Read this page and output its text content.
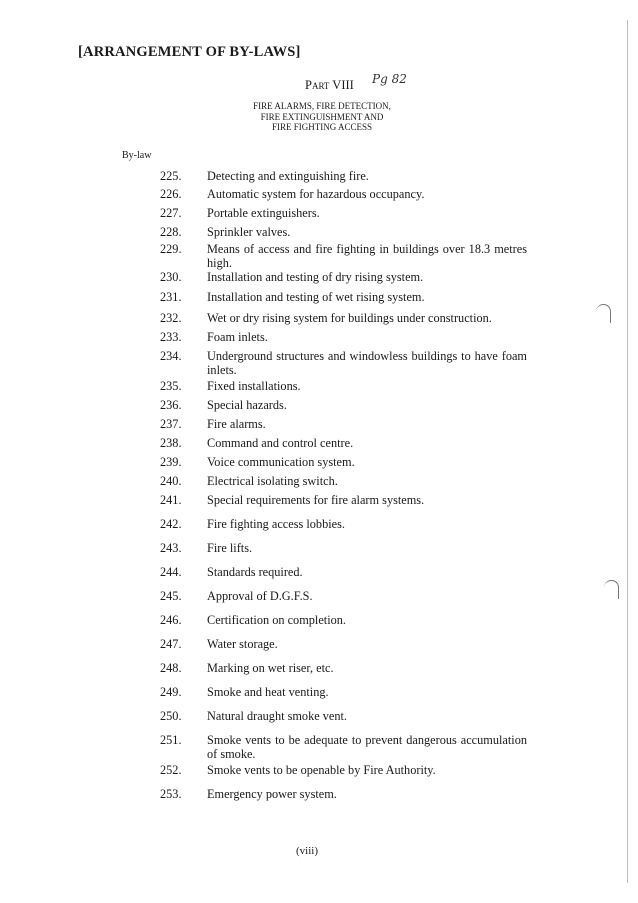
[ARRANGEMENT OF BY-LAWS]
Part VIII Pg 82
FIRE ALARMS, FIRE DETECTION,
FIRE EXTINGUISHMENT AND
FIRE FIGHTING ACCESS
By-law
225.	Detecting and extinguishing fire.
226.	Automatic system for hazardous occupancy.
227.	Portable extinguishers.
228.	Sprinkler valves.
229.	Means of access and fire fighting in buildings over 18.3 metres high.
230.	Installation and testing of dry rising system.
231.	Installation and testing of wet rising system.
232.	Wet or dry rising system for buildings under construction.
233.	Foam inlets.
234.	Underground structures and windowless buildings to have foam inlets.
235.	Fixed installations.
236.	Special hazards.
237.	Fire alarms.
238.	Command and control centre.
239.	Voice communication system.
240.	Electrical isolating switch.
241.	Special requirements for fire alarm systems.
242.	Fire fighting access lobbies.
243.	Fire lifts.
244.	Standards required.
245.	Approval of D.G.F.S.
246.	Certification on completion.
247.	Water storage.
248.	Marking on wet riser, etc.
249.	Smoke and heat venting.
250.	Natural draught smoke vent.
251.	Smoke vents to be adequate to prevent dangerous accumulation of smoke.
252.	Smoke vents to be openable by Fire Authority.
253.	Emergency power system.
(viii)
